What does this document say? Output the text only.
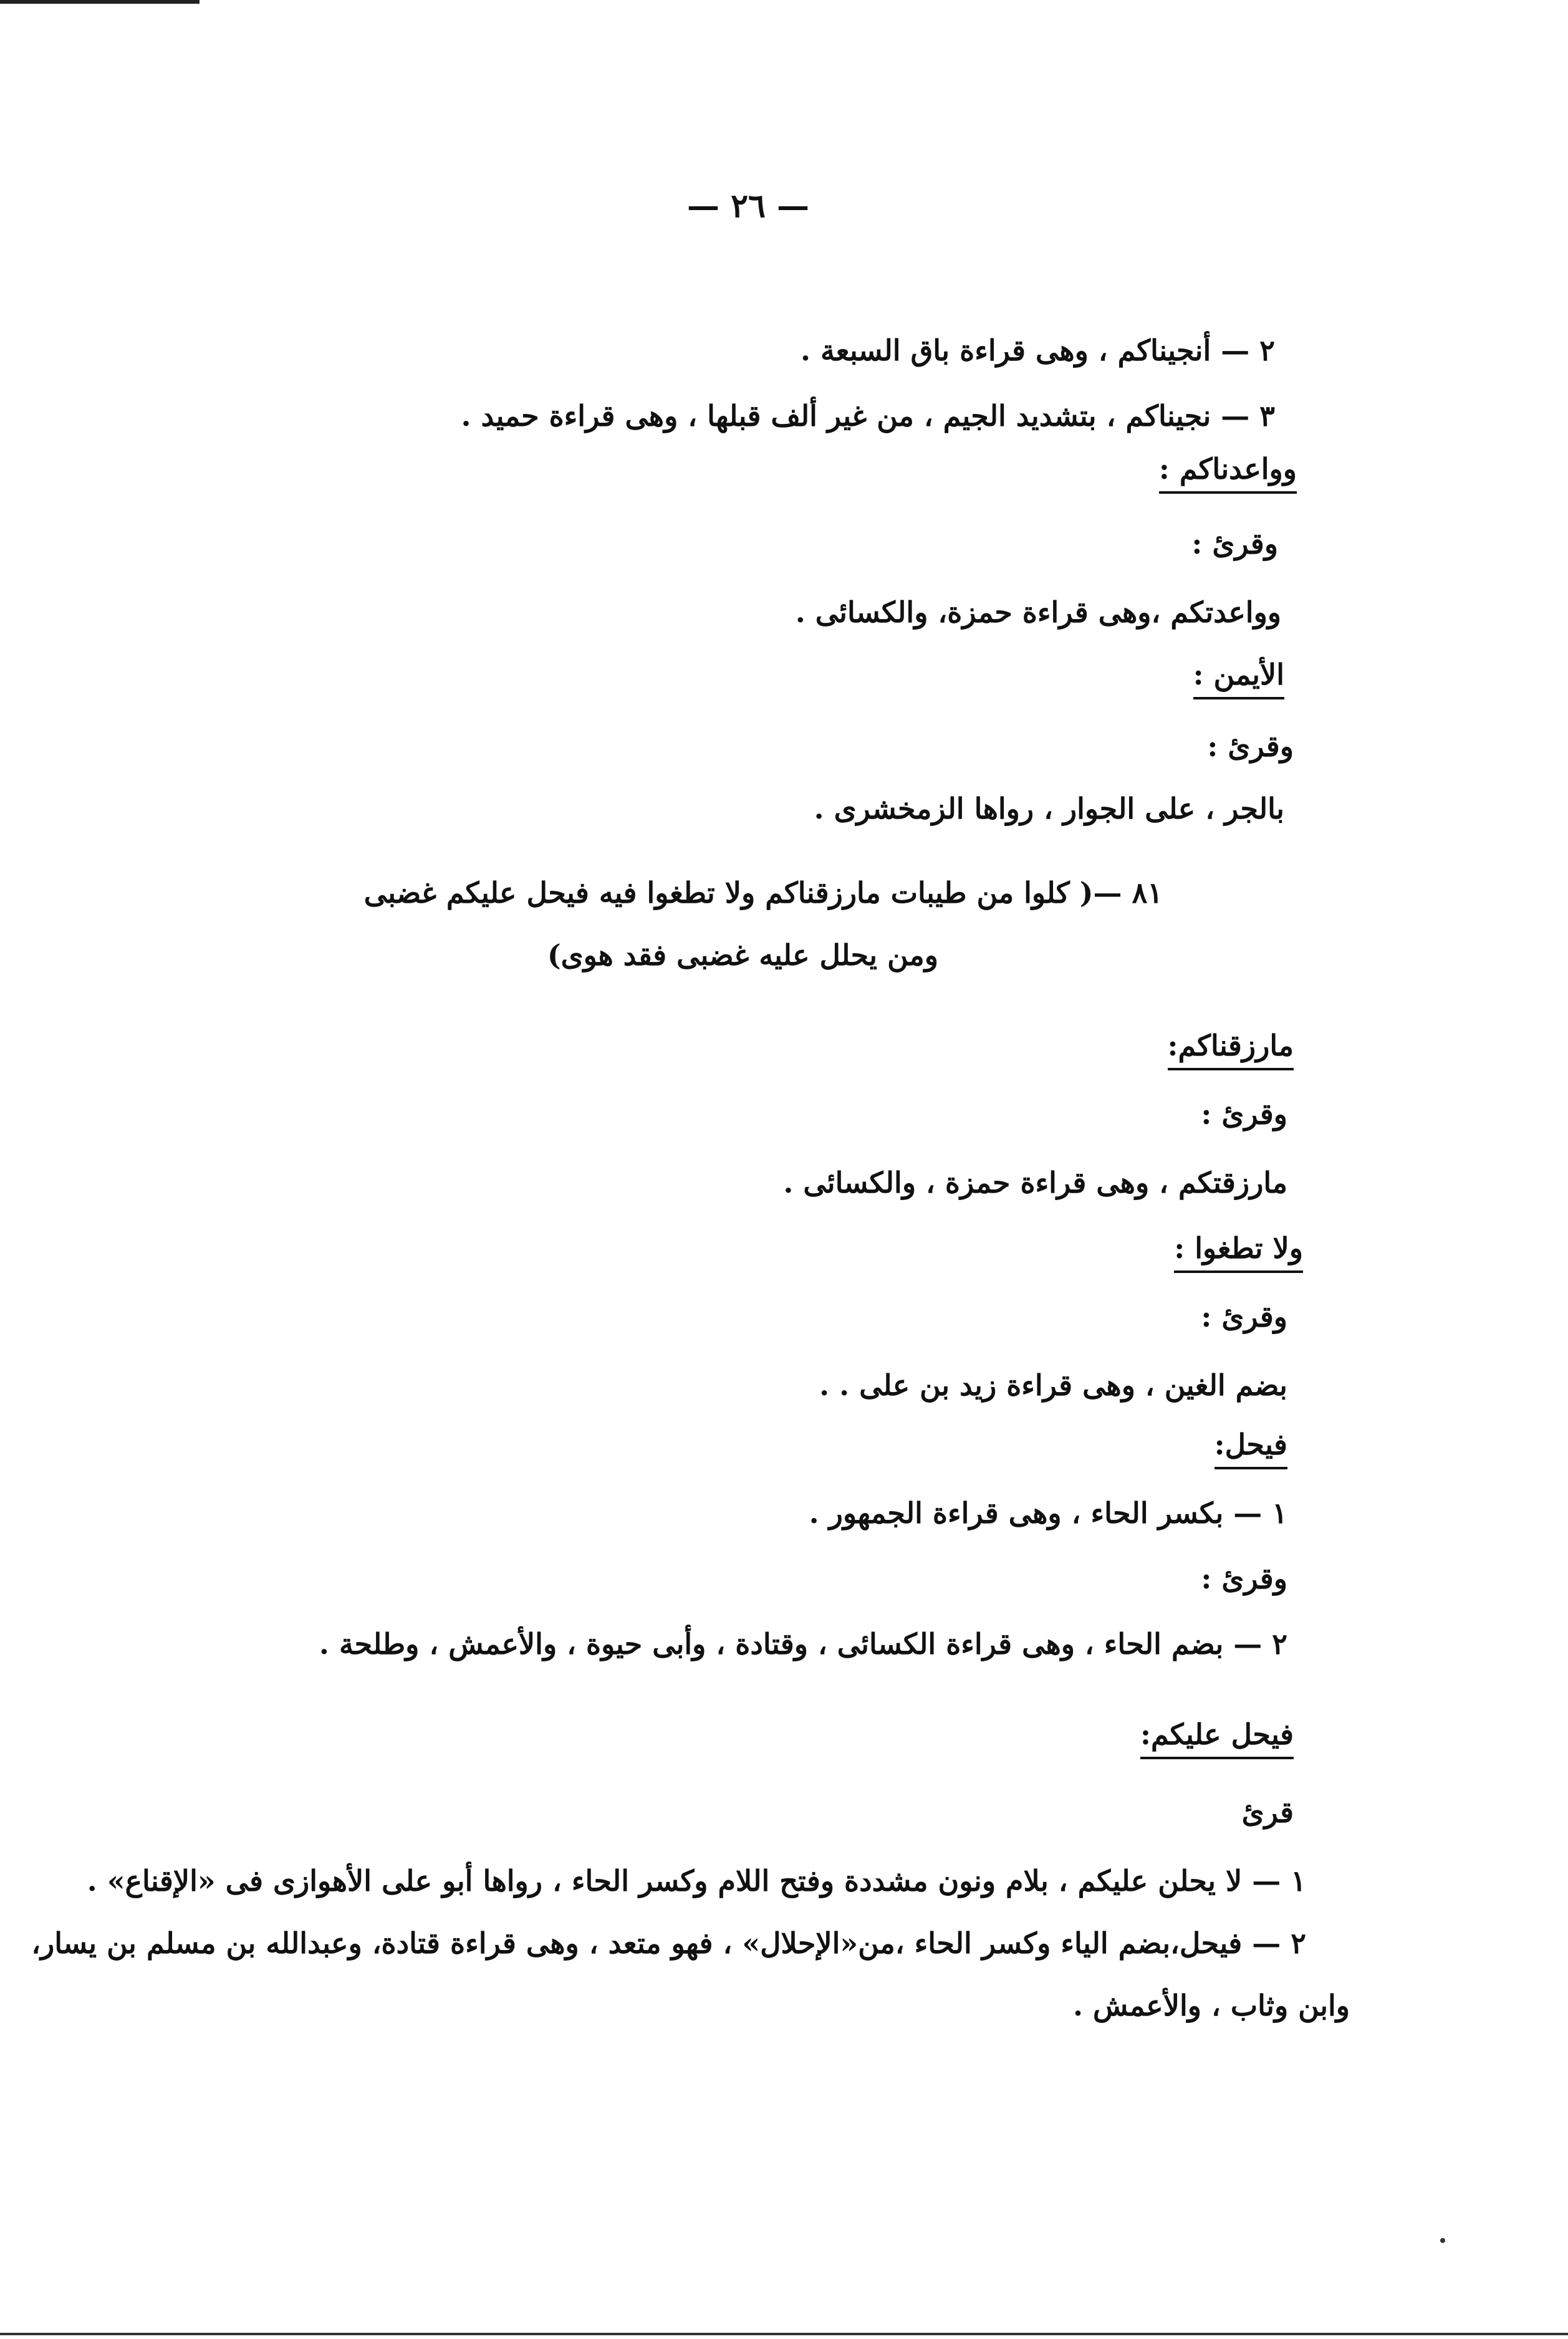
— ٢٦ —
٢ — أنجيناكم ، وهى قراءة باق السبعة .
٣ — نجيناكم ، بتشديد الجيم ، من غير ألف قبلها ، وهى قراءة حميد .
وواعدناكم :
وقرىٔ :
وواعدتكم ،وهى قراءة حمزة، والكسائى .
الأيمن :
وقرىٔ :
بالجر ، على الجوار ، رواها الزمخشرى .
٨١ —( كلوا من طيبات مارزقناكم ولا تطغوا فيه فيحل عليكم غضبى
ومن يحلل عليه غضبى فقد هوى)
مارزقناكم:
وقرىٔ :
مارزقتكم ، وهى قراءة حمزة ، والكسائى .
ولا تطغوا :
وقرىٔ :
بضم الغين ، وهى قراءة زيد بن على . .
فيحل:
١ — بكسر الحاء ، وهى قراءة الجمهور .
وقرىٔ :
٢ — بضم الحاء ، وهى قراءة الكسائى ، وقتادة ، وأبى حيوة ، والأعمش ، وطلحة .
فيحل عليكم:
قرىٔ
١ — لا يحلن عليكم ، بلام ونون مشددة وفتح اللام وكسر الحاء ، رواها أبو على الأهوازى فى «الإقناع» .
٢ — فيحل،بضم الياء وكسر الحاء ،من«الإحلال» ، فهو متعد ، وهى قراءة قتادة، وعبدالله بن مسلم بن يسار،
وابن وثاب ، والأعمش .
